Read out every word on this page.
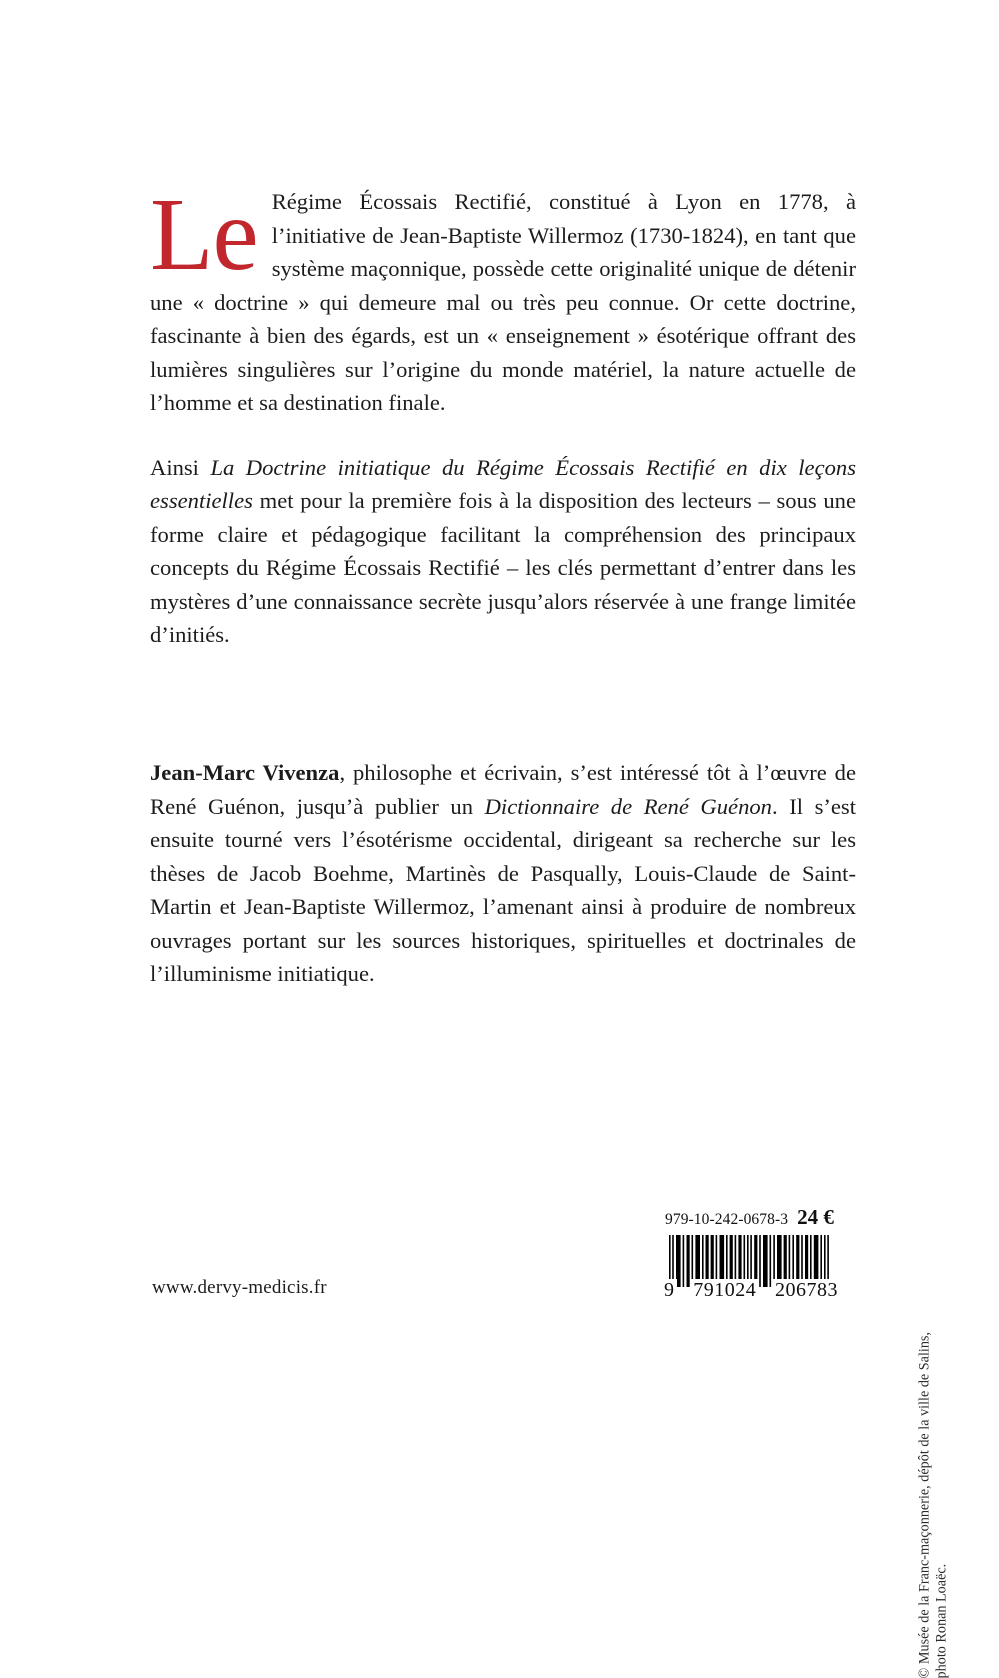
Le Régime Écossais Rectifié, constitué à Lyon en 1778, à l’initiative de Jean-Baptiste Willermoz (1730-1824), en tant que système maçonnique, possède cette originalité unique de détenir une « doctrine » qui demeure mal ou très peu connue. Or cette doctrine, fascinante à bien des égards, est un « enseignement » ésotérique offrant des lumières singulières sur l’origine du monde matériel, la nature actuelle de l’homme et sa destination finale.

Ainsi La Doctrine initiatique du Régime Écossais Rectifié en dix leçons essentielles met pour la première fois à la disposition des lecteurs – sous une forme claire et pédagogique facilitant la compréhension des principaux concepts du Régime Écossais Rectifié – les clés permettant d’entrer dans les mystères d’une connaissance secrète jusqu’alors réservée à une frange limitée d’initiés.

Jean-Marc Vivenza, philosophe et écrivain, s’est intéressé tôt à l’œuvre de René Guénon, jusqu’à publier un Dictionnaire de René Guénon. Il s’est ensuite tourné vers l’ésotérisme occidental, dirigeant sa recherche sur les thèses de Jacob Boehme, Martinès de Pasqually, Louis-Claude de Saint-Martin et Jean-Baptiste Willermoz, l’amenant ainsi à produire de nombreux ouvrages portant sur les sources historiques, spirituelles et doctrinales de l’illuminisme initiatique.

www.dervy-medicis.fr
979-10-242-0678-3 24 €
9 791024 206783
© Musée de la Franc-maçonnerie, dépôt de la ville de Salins, photo Ronan Loaëc.
